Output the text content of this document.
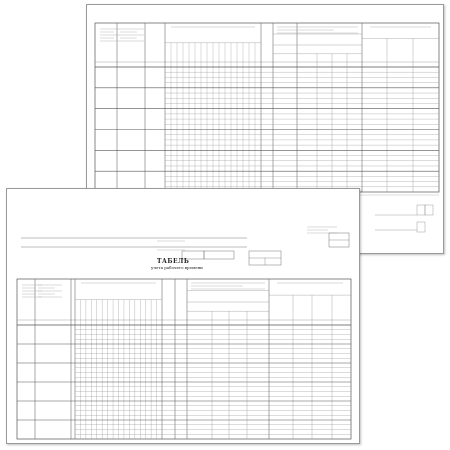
ТАБЕЛЬ
учета рабочего времени
